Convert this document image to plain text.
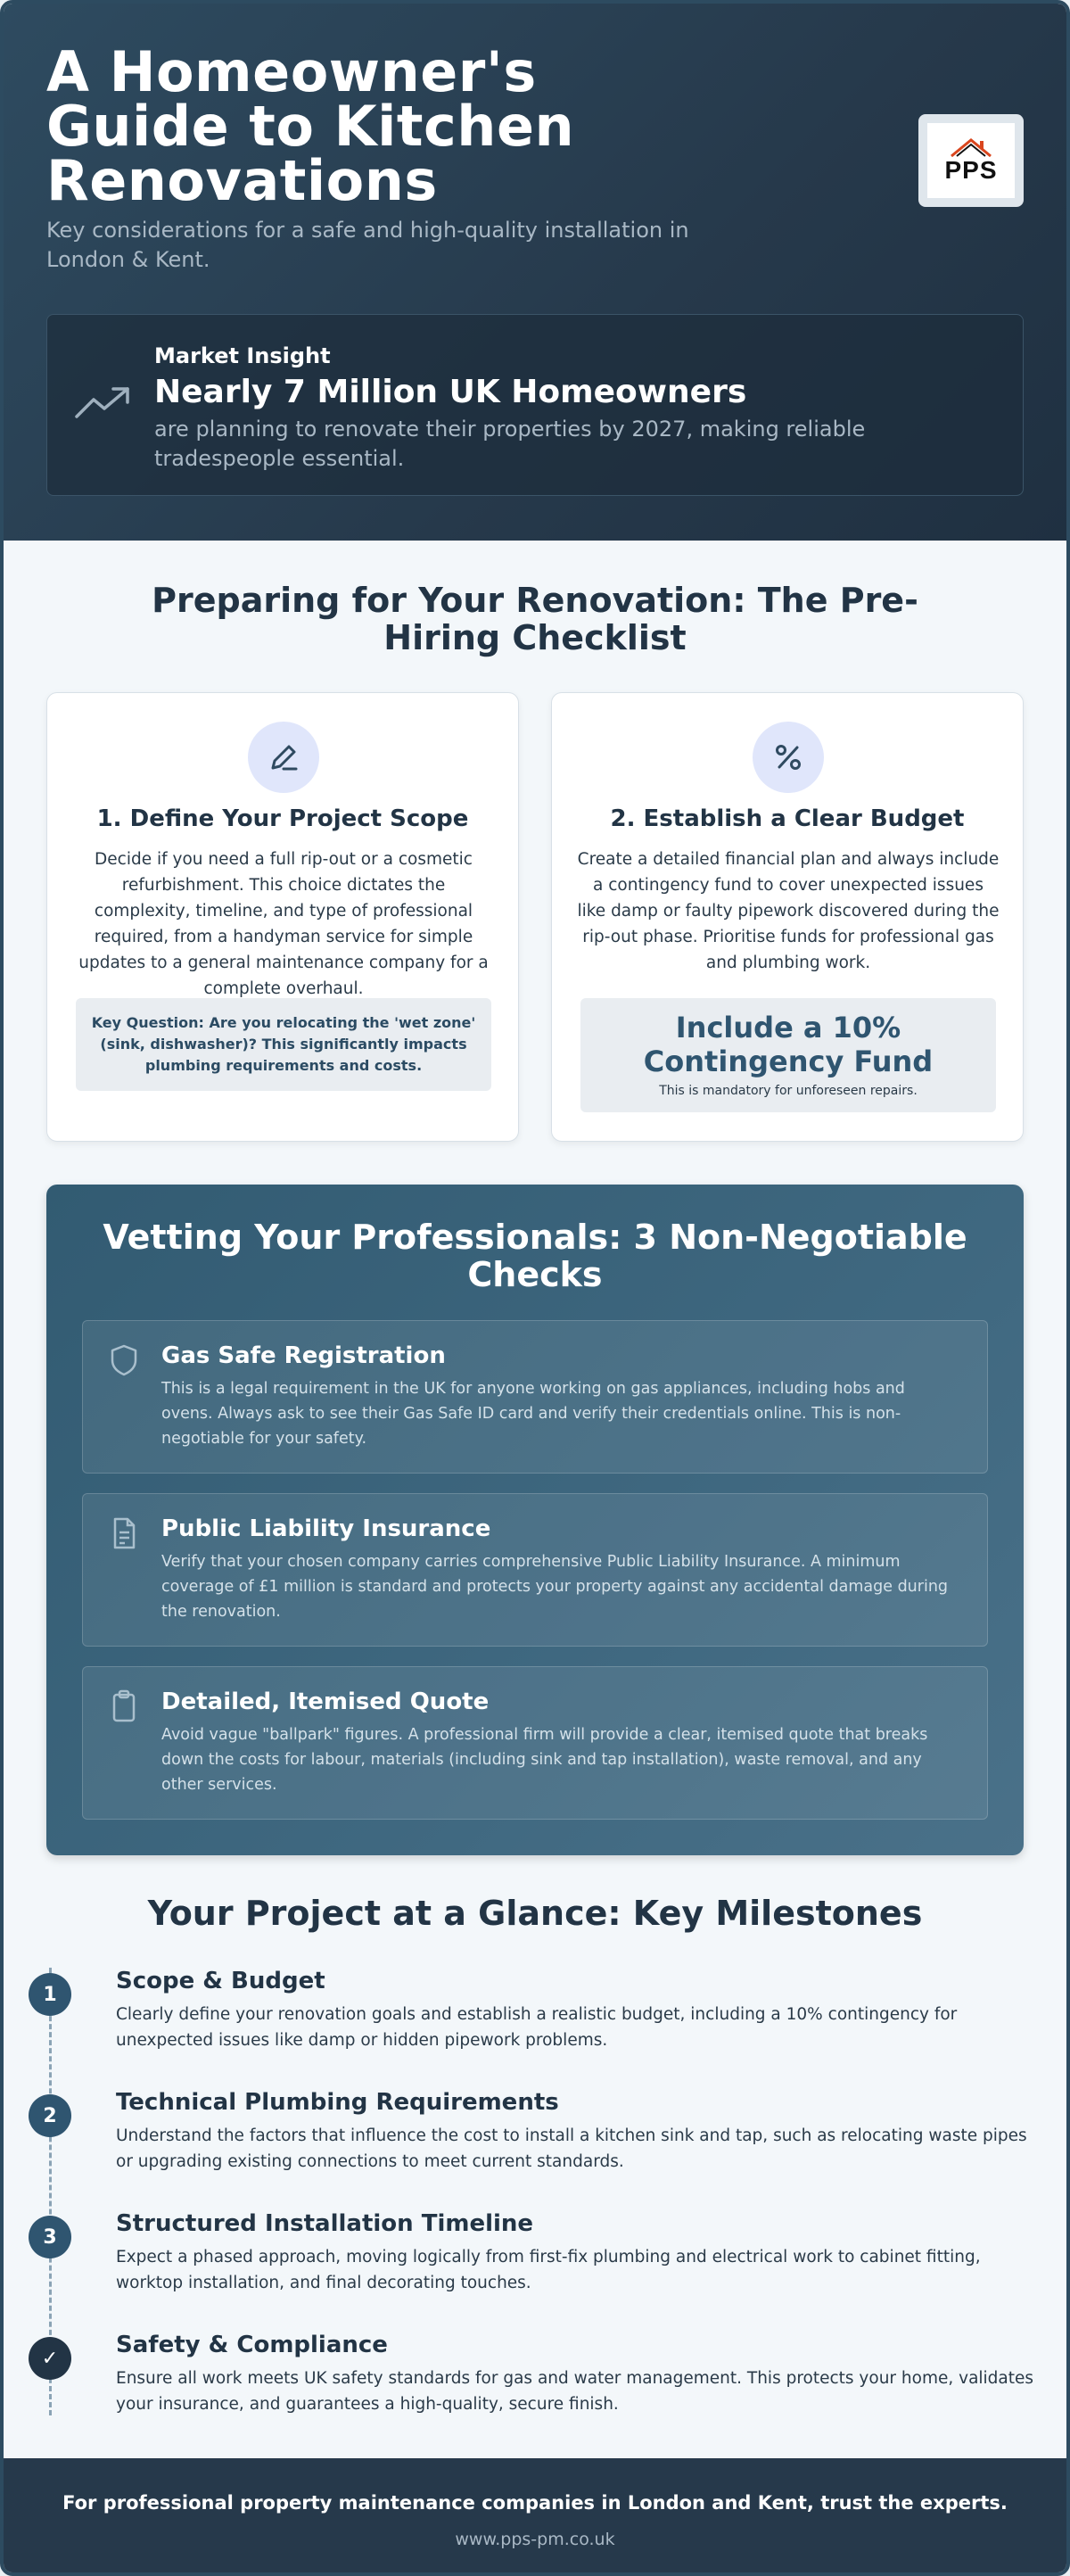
A Homeowner's Guide to Kitchen Renovations
Key considerations for a safe and high-quality installation in London & Kent.
PPS
Market Insight
Nearly 7 Million UK Homeowners
are planning to renovate their properties by 2027, making reliable tradespeople essential.
Preparing for Your Renovation: The Pre-Hiring Checklist
1. Define Your Project Scope
Decide if you need a full rip-out or a cosmetic refurbishment. This choice dictates the complexity, timeline, and type of professional required, from a handyman service for simple updates to a general maintenance company for a complete overhaul.
Key Question: Are you relocating the 'wet zone' (sink, dishwasher)? This significantly impacts plumbing requirements and costs.
2. Establish a Clear Budget
Create a detailed financial plan and always include a contingency fund to cover unexpected issues like damp or faulty pipework discovered during the rip-out phase. Prioritise funds for professional gas and plumbing work.
Include a 10% Contingency Fund
This is mandatory for unforeseen repairs.
Vetting Your Professionals: 3 Non-Negotiable Checks
Gas Safe Registration
This is a legal requirement in the UK for anyone working on gas appliances, including hobs and ovens. Always ask to see their Gas Safe ID card and verify their credentials online. This is non-negotiable for your safety.
Public Liability Insurance
Verify that your chosen company carries comprehensive Public Liability Insurance. A minimum coverage of £1 million is standard and protects your property against any accidental damage during the renovation.
Detailed, Itemised Quote
Avoid vague "ballpark" figures. A professional firm will provide a clear, itemised quote that breaks down the costs for labour, materials (including sink and tap installation), waste removal, and any other services.
Your Project at a Glance: Key Milestones
1	Scope & Budget
Clearly define your renovation goals and establish a realistic budget, including a 10% contingency for unexpected issues like damp or hidden pipework problems.
2	Technical Plumbing Requirements
Understand the factors that influence the cost to install a kitchen sink and tap, such as relocating waste pipes or upgrading existing connections to meet current standards.
3	Structured Installation Timeline
Expect a phased approach, moving logically from first-fix plumbing and electrical work to cabinet fitting, worktop installation, and final decorating touches.
✓	Safety & Compliance
Ensure all work meets UK safety standards for gas and water management. This protects your home, validates your insurance, and guarantees a high-quality, secure finish.
For professional property maintenance companies in London and Kent, trust the experts.
www.pps-pm.co.uk
